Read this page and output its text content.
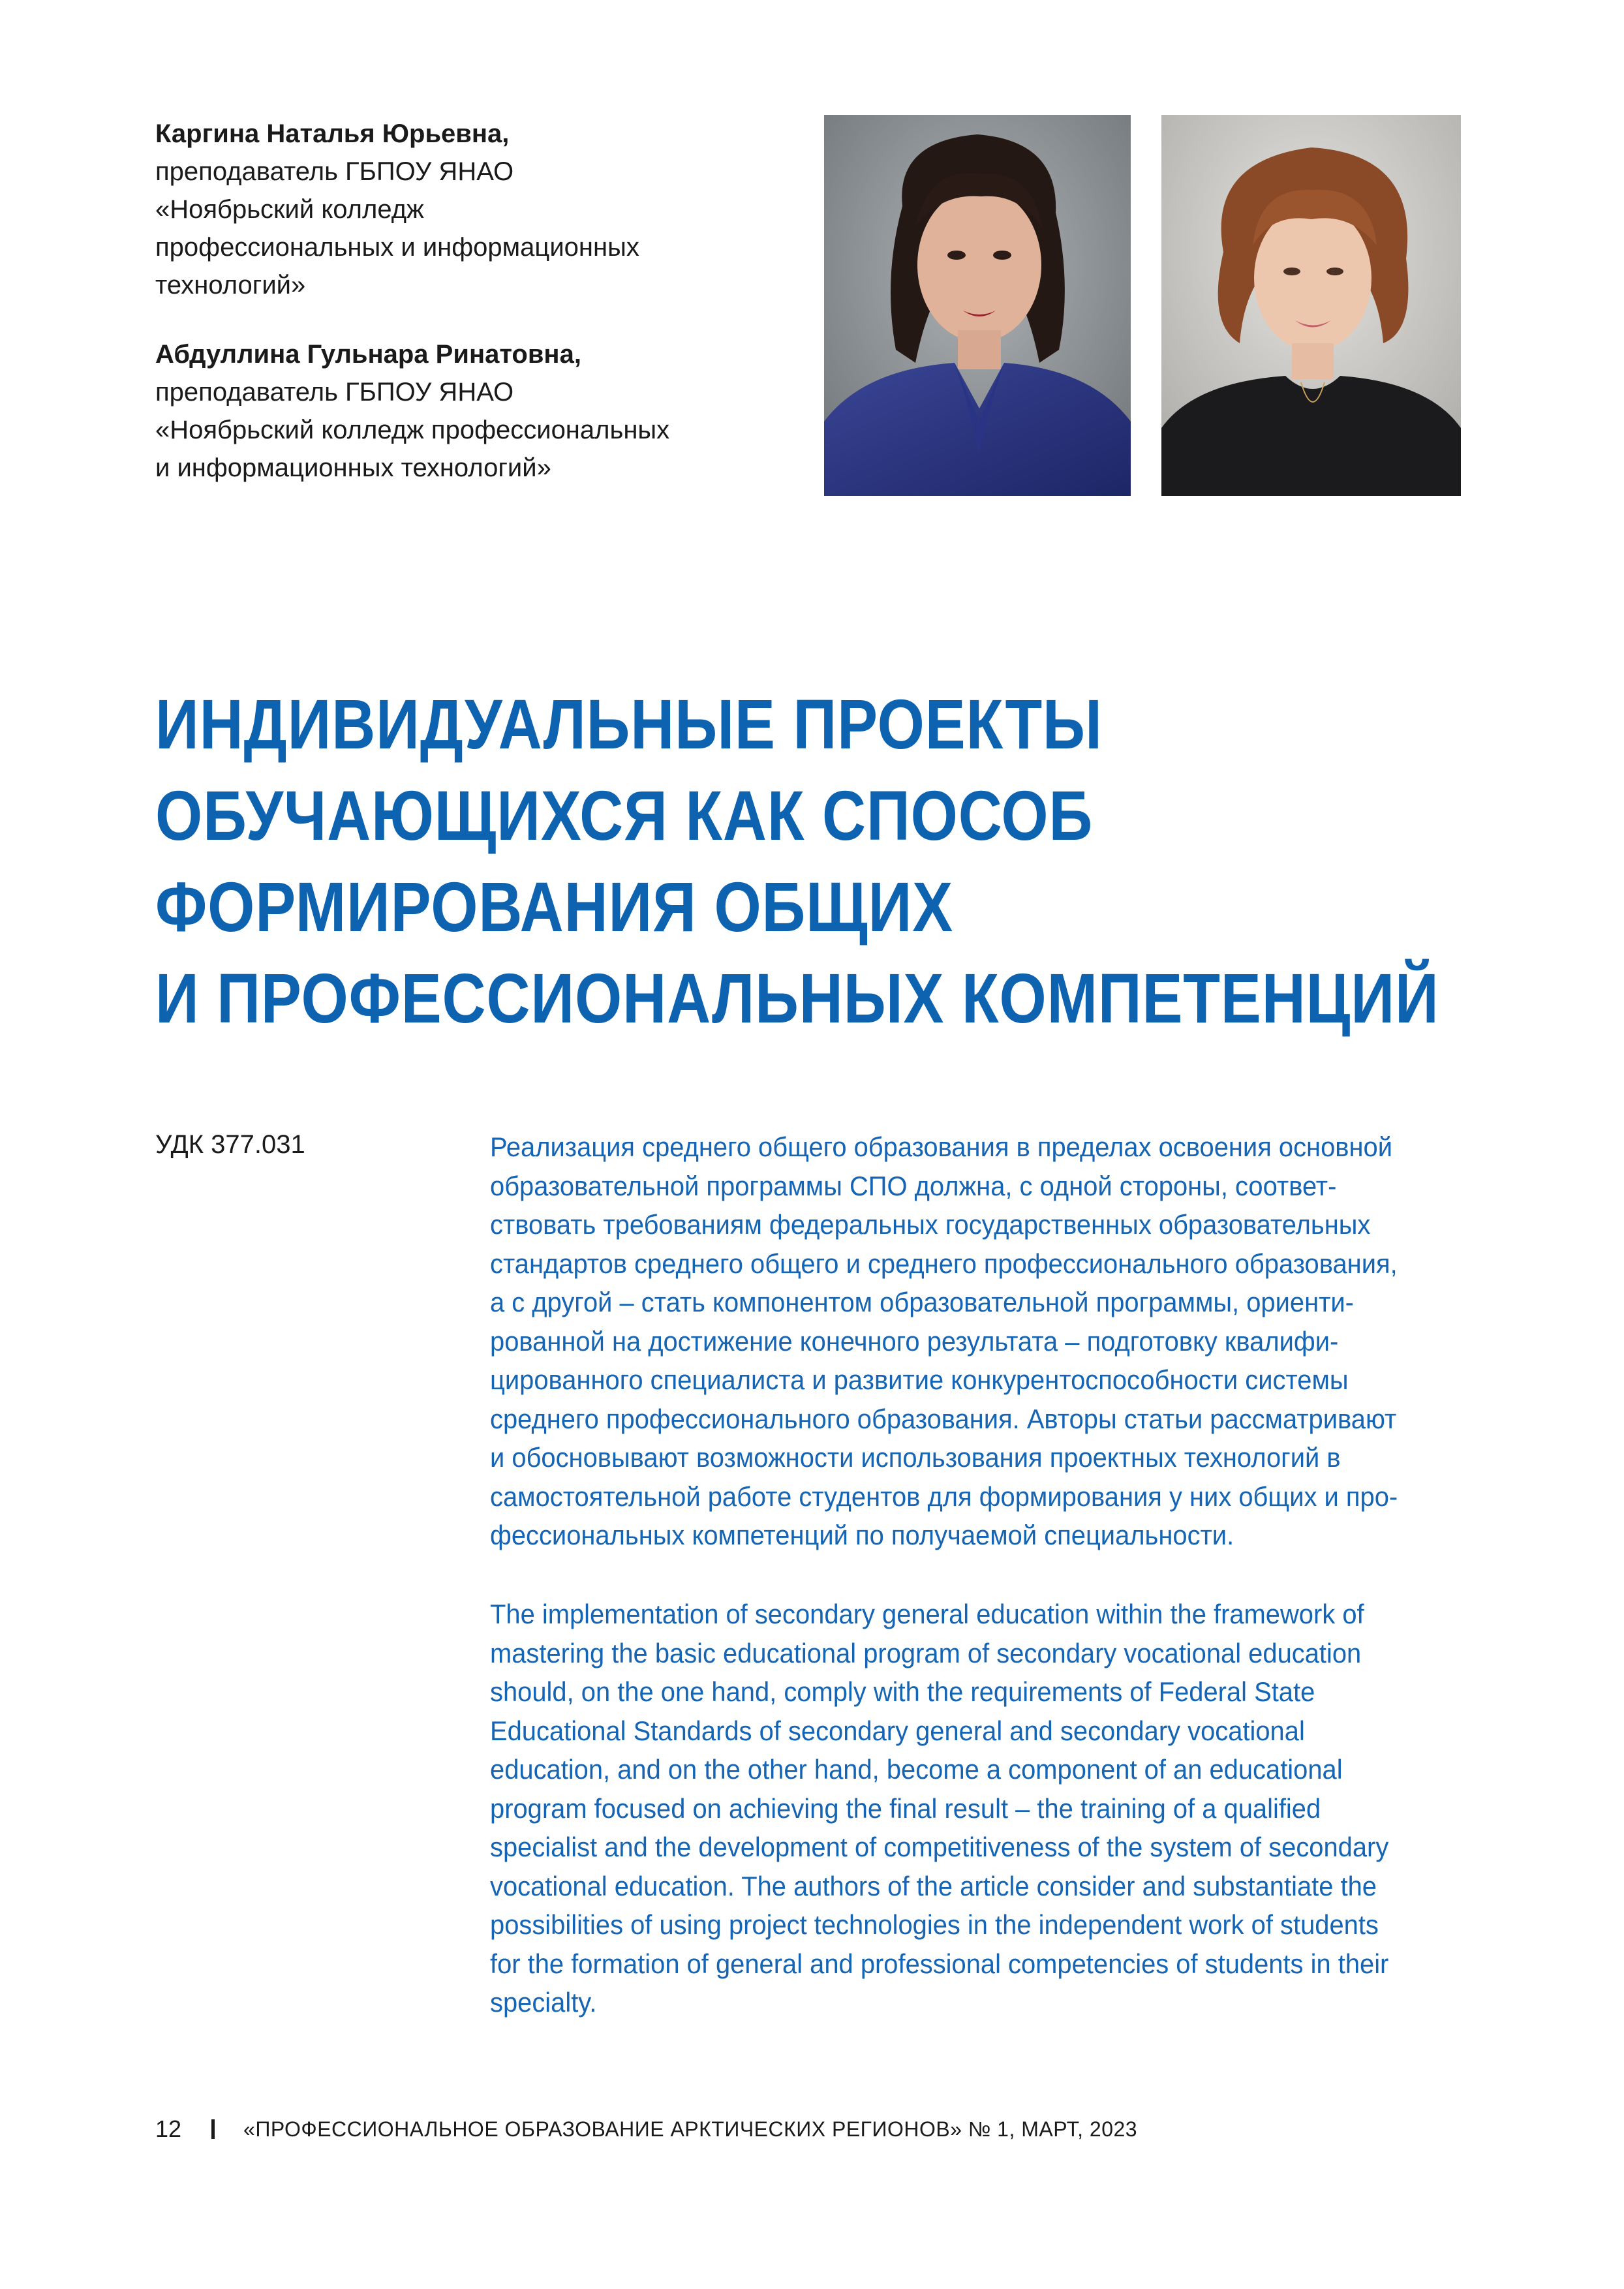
Каргина Наталья Юрьевна,

преподаватель ГБПОУ ЯНАО

«Ноябрьский колледж

профессиональных и информационных

технологий»

Абдуллина Гульнара Ринатовна,

преподаватель ГБПОУ ЯНАО

«Ноябрьский колледж профессиональных

и информационных технологий»

ИНДИВИДУАЛЬНЫЕ ПРОЕКТЫ
ОБУЧАЮЩИХСЯ КАК СПОСОБ
ФОРМИРОВАНИЯ ОБЩИХ
И ПРОФЕССИОНАЛЬНЫХ КОМПЕТЕНЦИЙ

УДК 377.031	Реализация среднего общего образования в пределах освоения основной
образовательной программы СПО должна, с одной стороны, соответ-
ствовать требованиям федеральных государственных образовательных
стандартов среднего общего и среднего профессионального образования,
а с другой – стать компонентом образовательной программы, ориенти-
рованной на достижение конечного результата – подготовку квалифи-
цированного специалиста и развитие конкурентоспособности системы
среднего профессионального образования. Авторы статьи рассматривают
и обосновывают возможности использования проектных технологий в
самостоятельной работе студентов для формирования у них общих и про-
фессиональных компетенций по получаемой специальности.
The implementation of secondary general education within the framework of
mastering the basic educational program of secondary vocational education
should, on the one hand, comply with the requirements of Federal State
Educational Standards of secondary general and secondary vocational
education, and on the other hand, become a component of an educational
program focused on achieving the final result – the training of a qualified
specialist and the development of competitiveness of the system of secondary
vocational education. The authors of the article consider and substantiate the
possibilities of using project technologies in the independent work of students
for the formation of general and professional competencies of students in their
specialty.
12	«ПРОФЕССИОНАЛЬНОЕ ОБРАЗОВАНИЕ АРКТИЧЕСКИХ РЕГИОНОВ» № 1, МАРТ, 2023
